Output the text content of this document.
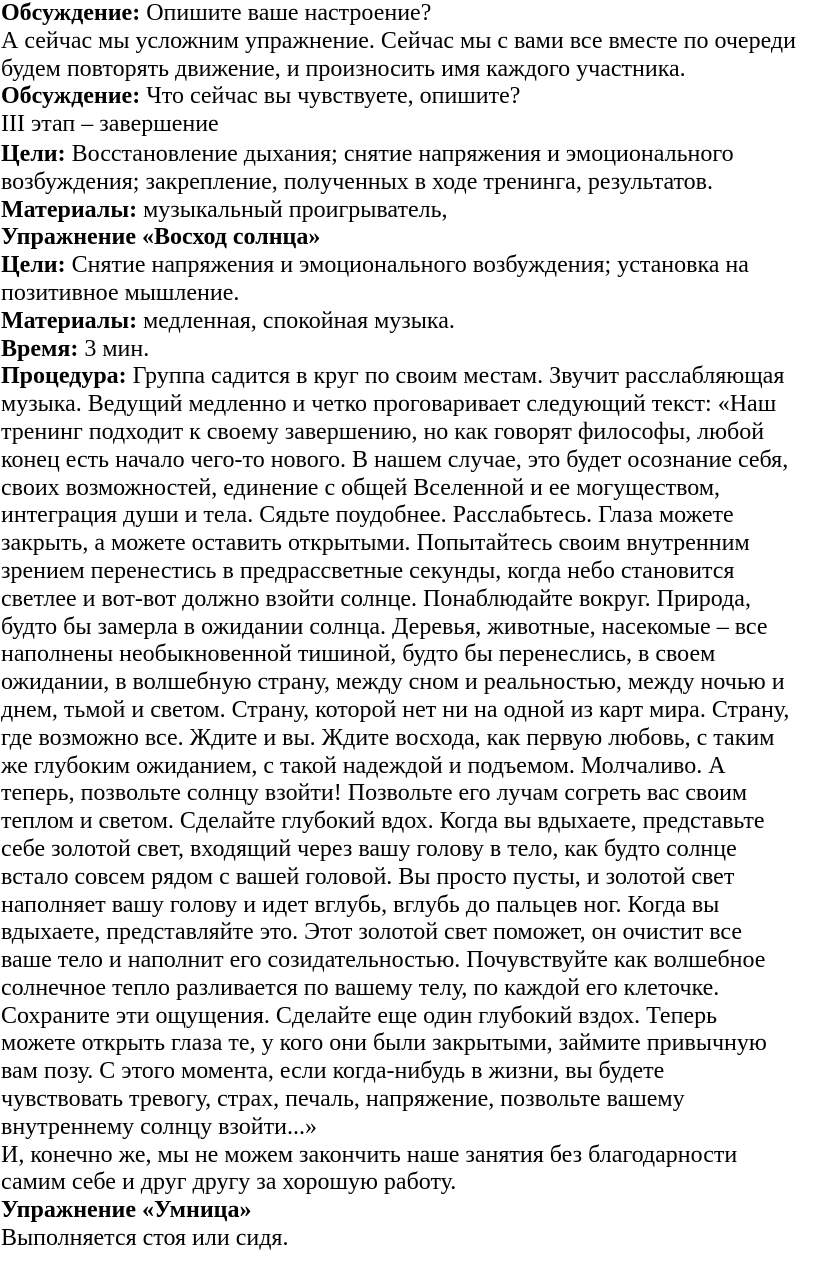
Обсуждение: Опишите ваше настроение?
А сейчас мы усложним упражнение. Сейчас мы с вами все вместе по очереди
будем повторять движение, и произносить имя каждого участника.
Обсуждение: Что сейчас вы чувствуете, опишите?
III этап – завершение
Цели: Восстановление дыхания; снятие напряжения и эмоционального
возбуждения; закрепление, полученных в ходе тренинга, результатов.
Материалы: музыкальный проигрыватель,
Упражнение «Восход солнца»
Цели: Снятие напряжения и эмоционального возбуждения; установка на
позитивное мышление.
Материалы: медленная, спокойная музыка.
Время: 3 мин.
Процедура: Группа садится в круг по своим местам. Звучит расслабляющая
музыка. Ведущий медленно и четко проговаривает следующий текст: «Наш
тренинг подходит к своему завершению, но как говорят философы, любой
конец есть начало чего-то нового. В нашем случае, это будет осознание себя,
своих возможностей, единение с общей Вселенной и ее могуществом,
интеграция души и тела. Сядьте поудобнее. Расслабьтесь. Глаза можете
закрыть, а можете оставить открытыми. Попытайтесь своим внутренним
зрением перенестись в предрассветные секунды, когда небо становится
светлее и вот-вот должно взойти солнце. Понаблюдайте вокруг. Природа,
будто бы замерла в ожидании солнца. Деревья, животные, насекомые – все
наполнены необыкновенной тишиной, будто бы перенеслись, в своем
ожидании, в волшебную страну, между сном и реальностью, между ночью и
днем, тьмой и светом. Страну, которой нет ни на одной из карт мира. Страну,
где возможно все. Ждите и вы. Ждите восхода, как первую любовь, с таким
же глубоким ожиданием, с такой надеждой и подъемом. Молчаливо. А
теперь, позвольте солнцу взойти! Позвольте его лучам согреть вас своим
теплом и светом. Сделайте глубокий вдох. Когда вы вдыхаете, представьте
себе золотой свет, входящий через вашу голову в тело, как будто солнце
встало совсем рядом с вашей головой. Вы просто пусты, и золотой свет
наполняет вашу голову и идет вглубь, вглубь до пальцев ног. Когда вы
вдыхаете, представляйте это. Этот золотой свет поможет, он очистит все
ваше тело и наполнит его созидательностью. Почувствуйте как волшебное
солнечное тепло разливается по вашему телу, по каждой его клеточке.
Сохраните эти ощущения. Сделайте еще один глубокий вздох. Теперь
можете открыть глаза те, у кого они были закрытыми, займите привычную
вам позу. С этого момента, если когда-нибудь в жизни, вы будете
чувствовать тревогу, страх, печаль, напряжение, позвольте вашему
внутреннему солнцу взойти...»
И, конечно же, мы не можем закончить наше занятия без благодарности
самим себе и друг другу за хорошую работу.
Упражнение «Умница»
Выполняется стоя или сидя.
